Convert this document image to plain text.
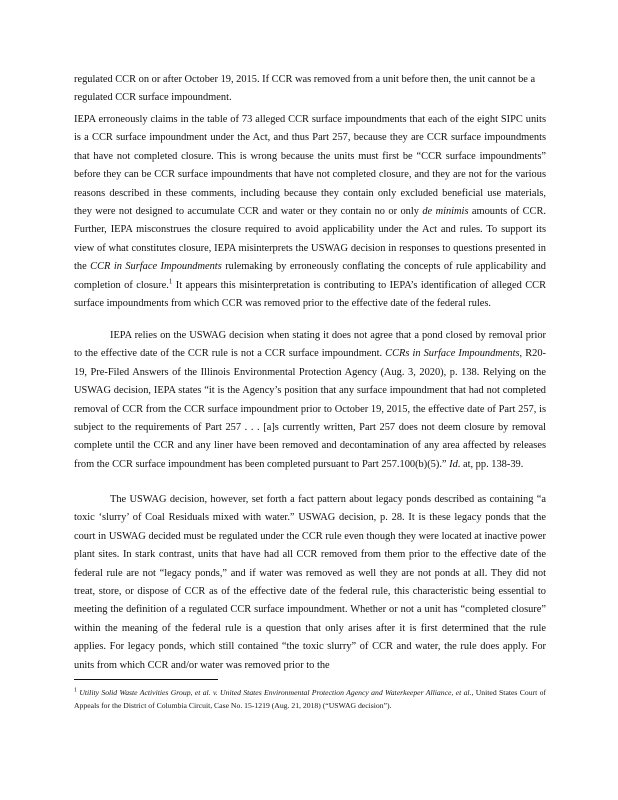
regulated CCR on or after October 19, 2015. If CCR was removed from a unit before then, the unit cannot be a regulated CCR surface impoundment.

IEPA erroneously claims in the table of 73 alleged CCR surface impoundments that each of the eight SIPC units is a CCR surface impoundment under the Act, and thus Part 257, because they are CCR surface impoundments that have not completed closure. This is wrong because the units must first be “CCR surface impoundments” before they can be CCR surface impoundments that have not completed closure, and they are not for the various reasons described in these comments, including because they contain only excluded beneficial use materials, they were not designed to accumulate CCR and water or they contain no or only de minimis amounts of CCR. Further, IEPA misconstrues the closure required to avoid applicability under the Act and rules. To support its view of what constitutes closure, IEPA misinterprets the USWAG decision in responses to questions presented in the CCR in Surface Impoundments rulemaking by erroneously conflating the concepts of rule applicability and completion of closure.$^1$ It appears this misinterpretation is contributing to IEPA’s identification of alleged CCR surface impoundments from which CCR was removed prior to the effective date of the federal rules.

IEPA relies on the USWAG decision when stating it does not agree that a pond closed by removal prior to the effective date of the CCR rule is not a CCR surface impoundment. CCRs in Surface Impoundments, R20-19, Pre-Filed Answers of the Illinois Environmental Protection Agency (Aug. 3, 2020), p. 138. Relying on the USWAG decision, IEPA states “it is the Agency’s position that any surface impoundment that had not completed removal of CCR from the CCR surface impoundment prior to October 19, 2015, the effective date of Part 257, is subject to the requirements of Part 257 . . . [a]s currently written, Part 257 does not deem closure by removal complete until the CCR and any liner have been removed and decontamination of any area affected by releases from the CCR surface impoundment has been completed pursuant to Part 257.100(b)(5).” Id. at, pp. 138-39.

The USWAG decision, however, set forth a fact pattern about legacy ponds described as containing “a toxic ‘slurry’ of Coal Residuals mixed with water.” USWAG decision, p. 28. It is these legacy ponds that the court in USWAG decided must be regulated under the CCR rule even though they were located at inactive power plant sites. In stark contrast, units that have had all CCR removed from them prior to the effective date of the federal rule are not “legacy ponds,” and if water was removed as well they are not ponds at all. They did not treat, store, or dispose of CCR as of the effective date of the federal rule, this characteristic being essential to meeting the definition of a regulated CCR surface impoundment. Whether or not a unit has “completed closure” within the meaning of the federal rule is a question that only arises after it is first determined that the rule applies. For legacy ponds, which still contained “the toxic slurry” of CCR and water, the rule does apply. For units from which CCR and/or water was removed prior to the

$^1$ Utility Solid Waste Activities Group, et al. v. United States Environmental Protection Agency and Waterkeeper Alliance, et al., United States Court of Appeals for the District of Columbia Circuit, Case No. 15-1219 (Aug. 21, 2018) (“USWAG decision”).
